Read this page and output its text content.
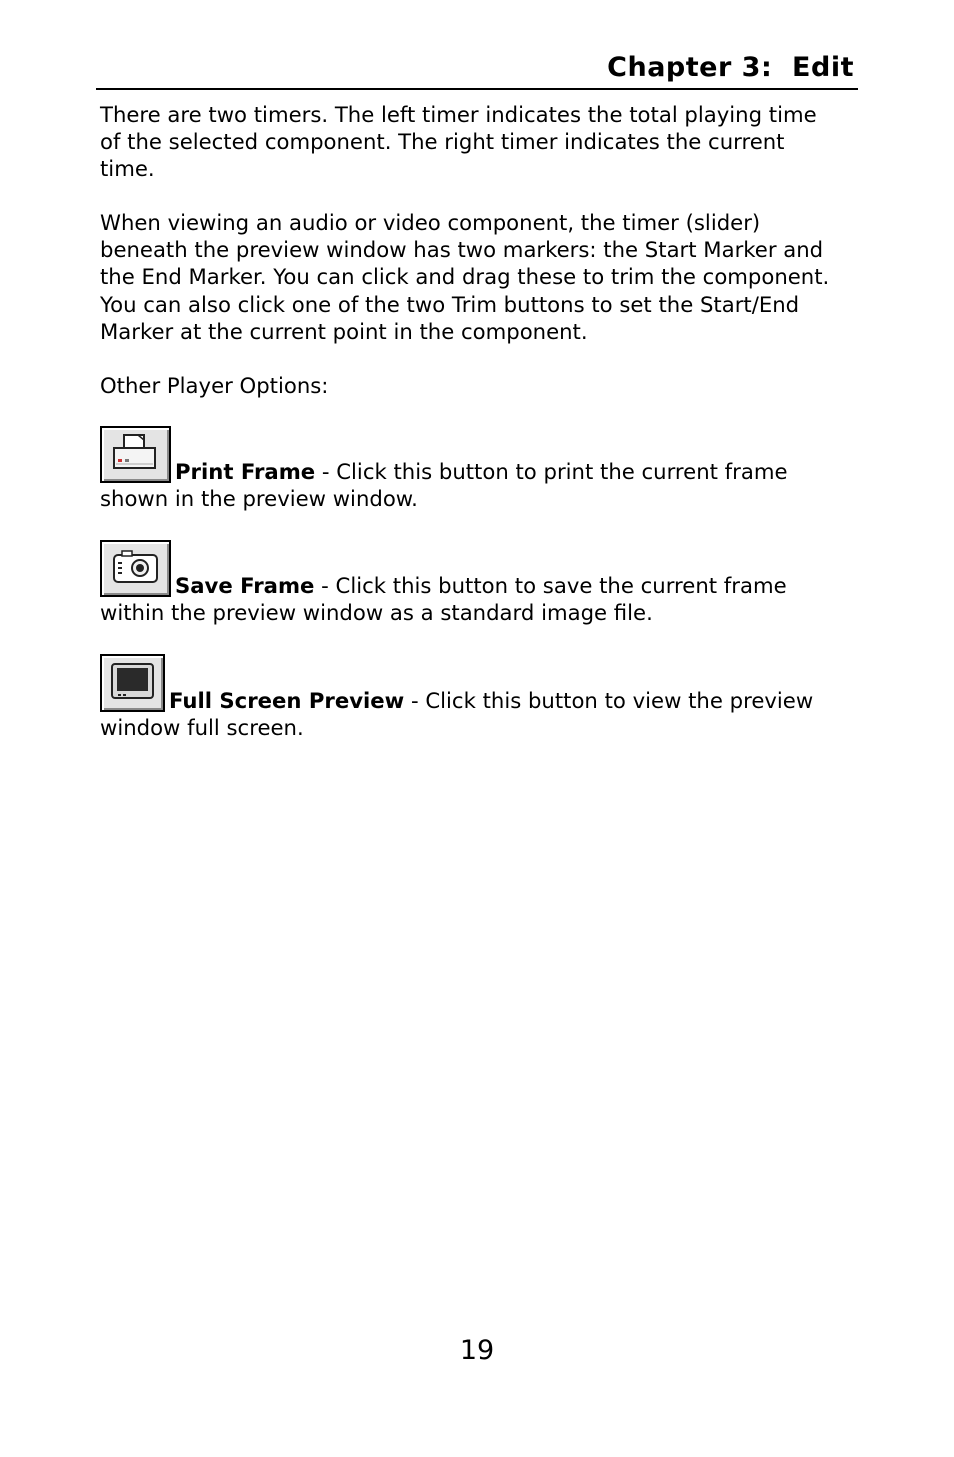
Chapter 3:  Edit

There are two timers. The left timer indicates the total playing time of the selected component. The right timer indicates the current time.

When viewing an audio or video component, the timer (slider) beneath the preview window has two markers: the Start Marker and the End Marker. You can click and drag these to trim the component. You can also click one of the two Trim buttons to set the Start/End Marker at the current point in the component.

Other Player Options:

Print Frame - Click this button to print the current frame shown in the preview window.

Save Frame - Click this button to save the current frame within the preview window as a standard image file.

Full Screen Preview - Click this button to view the preview window full screen.

19
